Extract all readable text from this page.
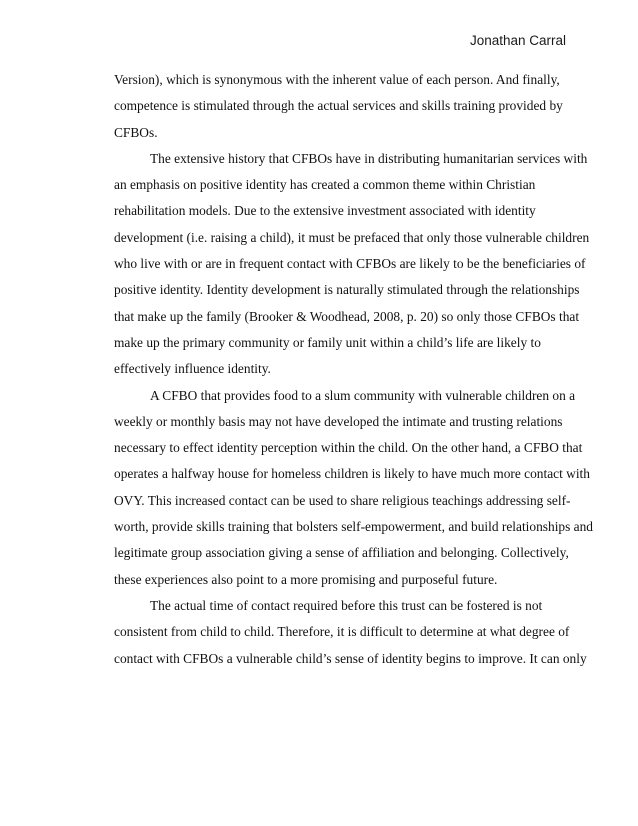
Jonathan Carral
Version), which is synonymous with the inherent value of each person. And finally,
competence is stimulated through the actual services and skills training provided by
CFBOs.
The extensive history that CFBOs have in distributing humanitarian services with
an emphasis on positive identity has created a common theme within Christian
rehabilitation models. Due to the extensive investment associated with identity
development (i.e. raising a child), it must be prefaced that only those vulnerable children
who live with or are in frequent contact with CFBOs are likely to be the beneficiaries of
positive identity. Identity development is naturally stimulated through the relationships
that make up the family (Brooker & Woodhead, 2008, p. 20) so only those CFBOs that
make up the primary community or family unit within a child’s life are likely to
effectively influence identity.
A CFBO that provides food to a slum community with vulnerable children on a
weekly or monthly basis may not have developed the intimate and trusting relations
necessary to effect identity perception within the child. On the other hand, a CFBO that
operates a halfway house for homeless children is likely to have much more contact with
OVY. This increased contact can be used to share religious teachings addressing self-
worth, provide skills training that bolsters self-empowerment, and build relationships and
legitimate group association giving a sense of affiliation and belonging. Collectively,
these experiences also point to a more promising and purposeful future.
The actual time of contact required before this trust can be fostered is not
consistent from child to child. Therefore, it is difficult to determine at what degree of
contact with CFBOs a vulnerable child’s sense of identity begins to improve. It can only
